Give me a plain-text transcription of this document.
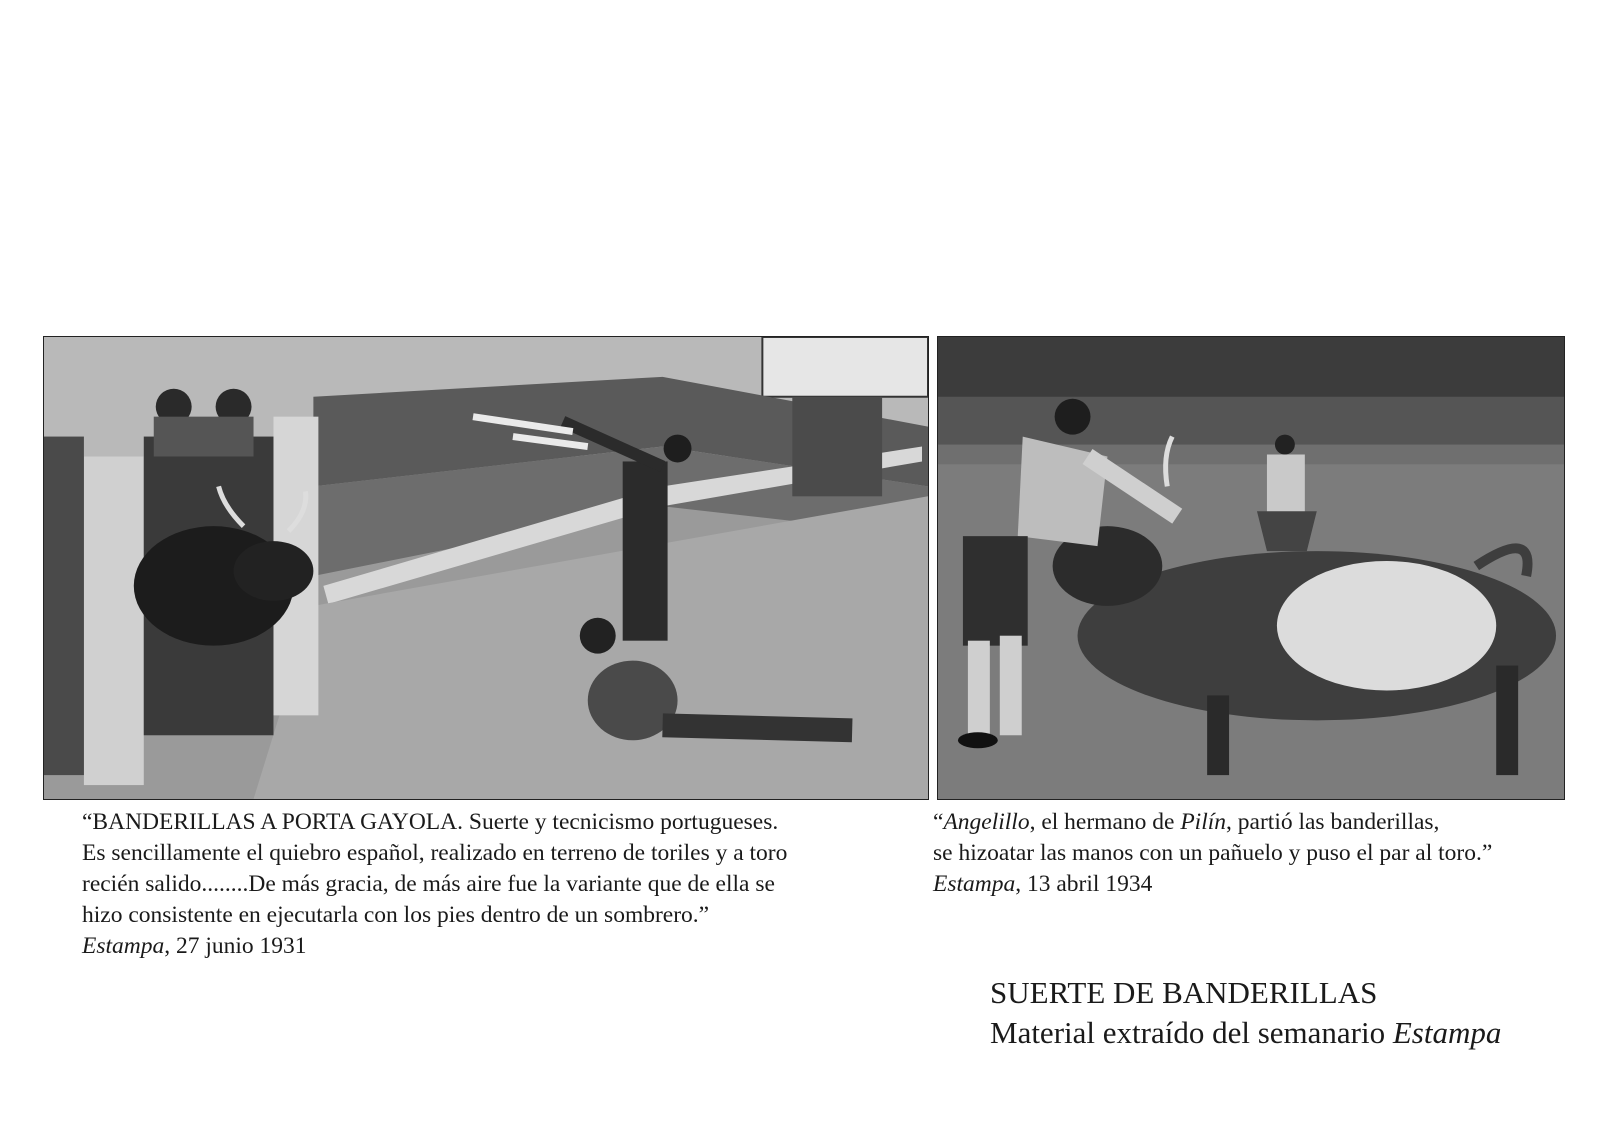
“BANDERILLAS A PORTA GAYOLA. Suerte y tecnicismo portugueses.
Es sencillamente el quiebro español, realizado en terreno de toriles y a toro
recién salido........De más gracia, de más aire fue la variante que de ella se
hizo consistente en ejecutarla con los pies dentro de un sombrero.”
Estampa, 27 junio 1931
“Angelillo, el hermano de Pilín, partió las banderillas,
se hizoatar las manos con un pañuelo y puso el par al toro.”
Estampa, 13 abril 1934
SUERTE DE BANDERILLAS
Material extraído del semanario Estampa
